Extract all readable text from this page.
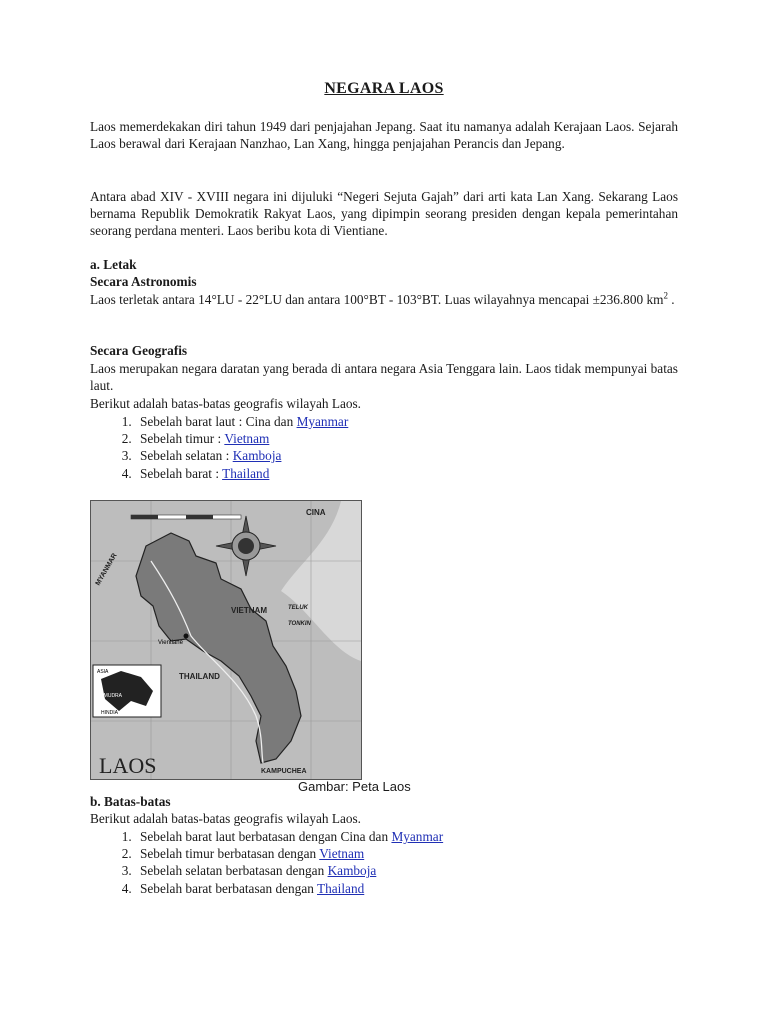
NEGARA LAOS

Laos memerdekakan diri tahun 1949 dari penjajahan Jepang. Saat itu namanya adalah Kerajaan Laos. Sejarah Laos berawal dari Kerajaan Nanzhao, Lan Xang, hingga penjajahan Perancis dan Jepang.

Antara abad XIV - XVIII negara ini dijuluki “Negeri Sejuta Gajah” dari arti kata Lan Xang. Sekarang Laos bernama Republik Demokratik Rakyat Laos, yang dipimpin seorang presiden dengan kepala pemerintahan seorang perdana menteri. Laos beribu kota di Vientiane.

a. Letak

Secara Astronomis

Laos terletak antara 14°LU - 22°LU dan antara 100°BT - 103°BT. Luas wilayahnya mencapai ±236.800 $km^2$ .

Secara Geografis

Laos merupakan negara daratan yang berada di antara negara Asia Tenggara lain. Laos tidak mempunyai batas laut.

Berikut adalah batas-batas geografis wilayah Laos.

1. Sebelah barat laut : Cina dan Myanmar
2. Sebelah timur : Vietnam
3. Sebelah selatan : Kamboja
4. Sebelah barat : Thailand
Vientiane
ASIA
SAMUDRA
HINDIA
CINA
MYANMAR
VIETNAM	TELUK
TONKIN
THAILAND
KAMPUCHEA
LAOS
Gambar: Peta Laos

b. Batas-batas

Berikut adalah batas-batas geografis wilayah Laos.

1. Sebelah barat laut berbatasan dengan Cina dan Myanmar
2. Sebelah timur berbatasan dengan Vietnam
3. Sebelah selatan berbatasan dengan Kamboja
4. Sebelah barat berbatasan dengan Thailand
